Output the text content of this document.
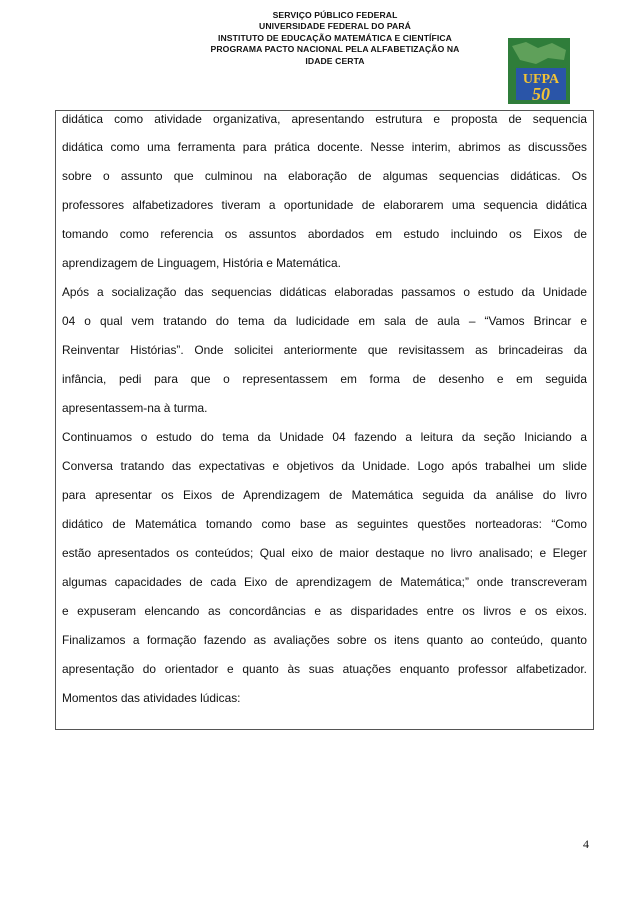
SERVIÇO PÚBLICO FEDERAL
UNIVERSIDADE FEDERAL DO PARÁ
INSTITUTO DE EDUCAÇÃO MATEMÁTICA E CIENTÍFICA
PROGRAMA PACTO NACIONAL PELA ALFABETIZAÇÃO NA
IDADE CERTA
UFPA
50
didática como atividade organizativa, apresentando estrutura e proposta de sequencia
didática como uma ferramenta para prática docente. Nesse interim, abrimos as discussões
sobre o assunto que culminou na elaboração de algumas sequencias didáticas. Os
professores alfabetizadores tiveram a oportunidade de elaborarem uma sequencia didática
tomando como referencia os assuntos abordados em estudo incluindo os Eixos de
aprendizagem de Linguagem, História e Matemática.
Após a socialização das sequencias didáticas elaboradas passamos o estudo da Unidade
04 o qual vem tratando do tema da ludicidade em sala de aula – “Vamos Brincar e
Reinventar Histórias”. Onde solicitei anteriormente que revisitassem as brincadeiras da
infância, pedi para que o representassem em forma de desenho e em seguida
apresentassem-na à turma.
Continuamos o estudo do tema da Unidade 04 fazendo a leitura da seção Iniciando a
Conversa tratando das expectativas e objetivos da Unidade. Logo após trabalhei um slide
para apresentar os Eixos de Aprendizagem de Matemática seguida da análise do livro
didático de Matemática tomando como base as seguintes questões norteadoras: “Como
estão apresentados os conteúdos; Qual eixo de maior destaque no livro analisado; e Eleger
algumas capacidades de cada Eixo de aprendizagem de Matemática;” onde transcreveram
e expuseram elencando as concordâncias e as disparidades entre os livros e os eixos.
Finalizamos a formação fazendo as avaliações sobre os itens quanto ao conteúdo, quanto
apresentação do orientador e quanto às suas atuações enquanto professor alfabetizador.
Momentos das atividades lúdicas:
4
